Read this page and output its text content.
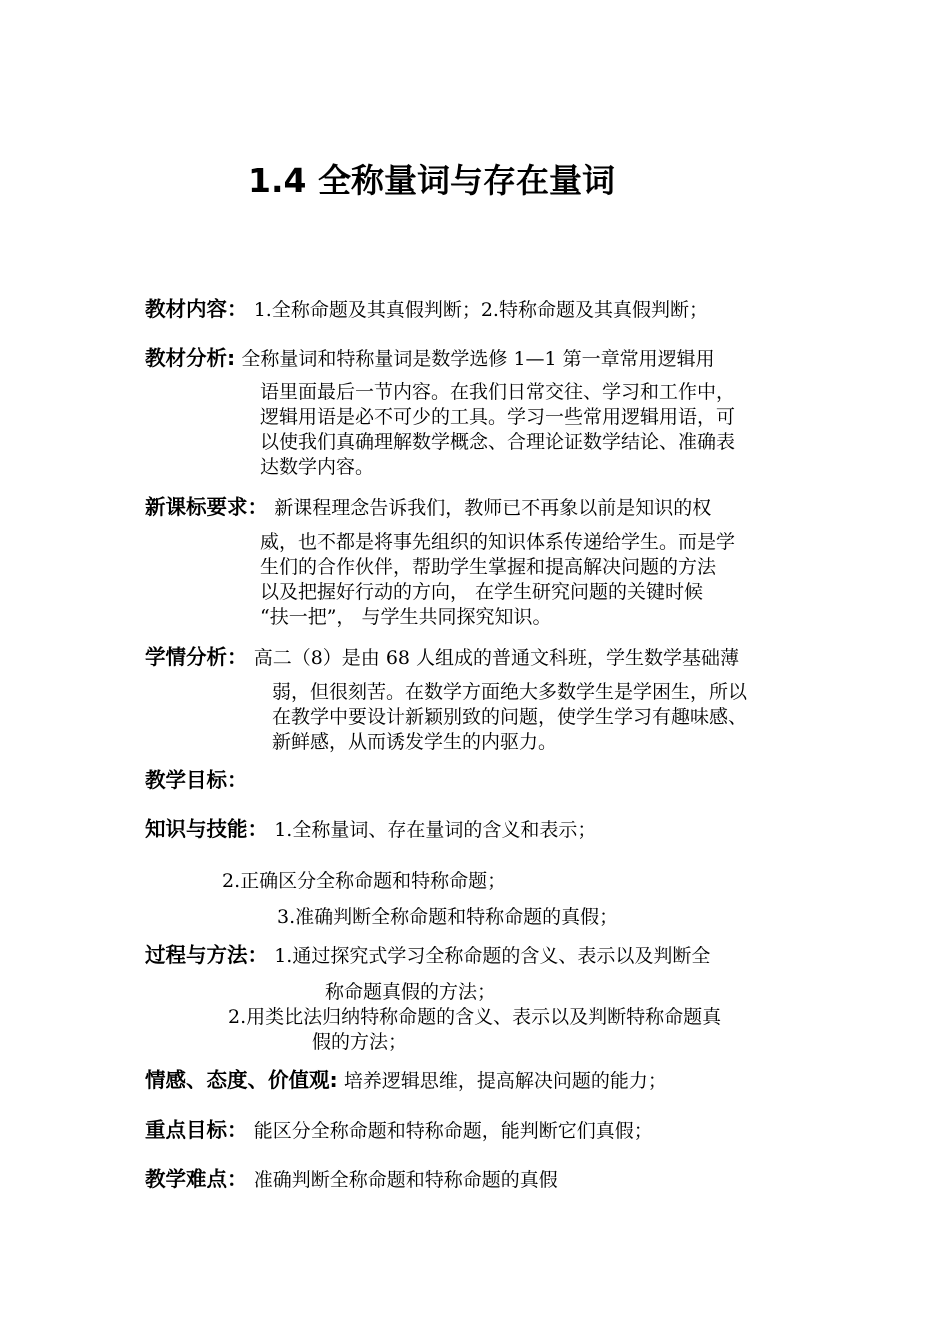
1.4 全称量词与存在量词
教材内容： 1.全称命题及其真假判断；2.特称命题及其真假判断；
教材分析: 全称量词和特称量词是数学选修 1—1 第一章常用逻辑用
语里面最后一节内容。在我们日常交往、学习和工作中，
逻辑用语是必不可少的工具。学习一些常用逻辑用语，可
以使我们真确理解数学概念、合理论证数学结论、准确表
达数学内容。
新课标要求： 新课程理念告诉我们，教师已不再象以前是知识的权
威，也不都是将事先组织的知识体系传递给学生。而是学
生们的合作伙伴，帮助学生掌握和提高解决问题的方法
以及把握好行动的方向， 在学生研究问题的关键时候
“扶一把”， 与学生共同探究知识。
学情分析： 高二（8）是由 68 人组成的普通文科班，学生数学基础薄
弱，但很刻苦。在数学方面绝大多数学生是学困生，所以
在教学中要设计新颖别致的问题，使学生学习有趣味感、
新鲜感，从而诱发学生的内驱力。
教学目标：
知识与技能： 1.全称量词、存在量词的含义和表示；
2.正确区分全称命题和特称命题；
3.准确判断全称命题和特称命题的真假；
过程与方法： 1.通过探究式学习全称命题的含义、表示以及判断全
称命题真假的方法；
2.用类比法归纳特称命题的含义、表示以及判断特称命题真
假的方法；
情感、态度、价值观: 培养逻辑思维，提高解决问题的能力；
重点目标： 能区分全称命题和特称命题，能判断它们真假；
教学难点： 准确判断全称命题和特称命题的真假
